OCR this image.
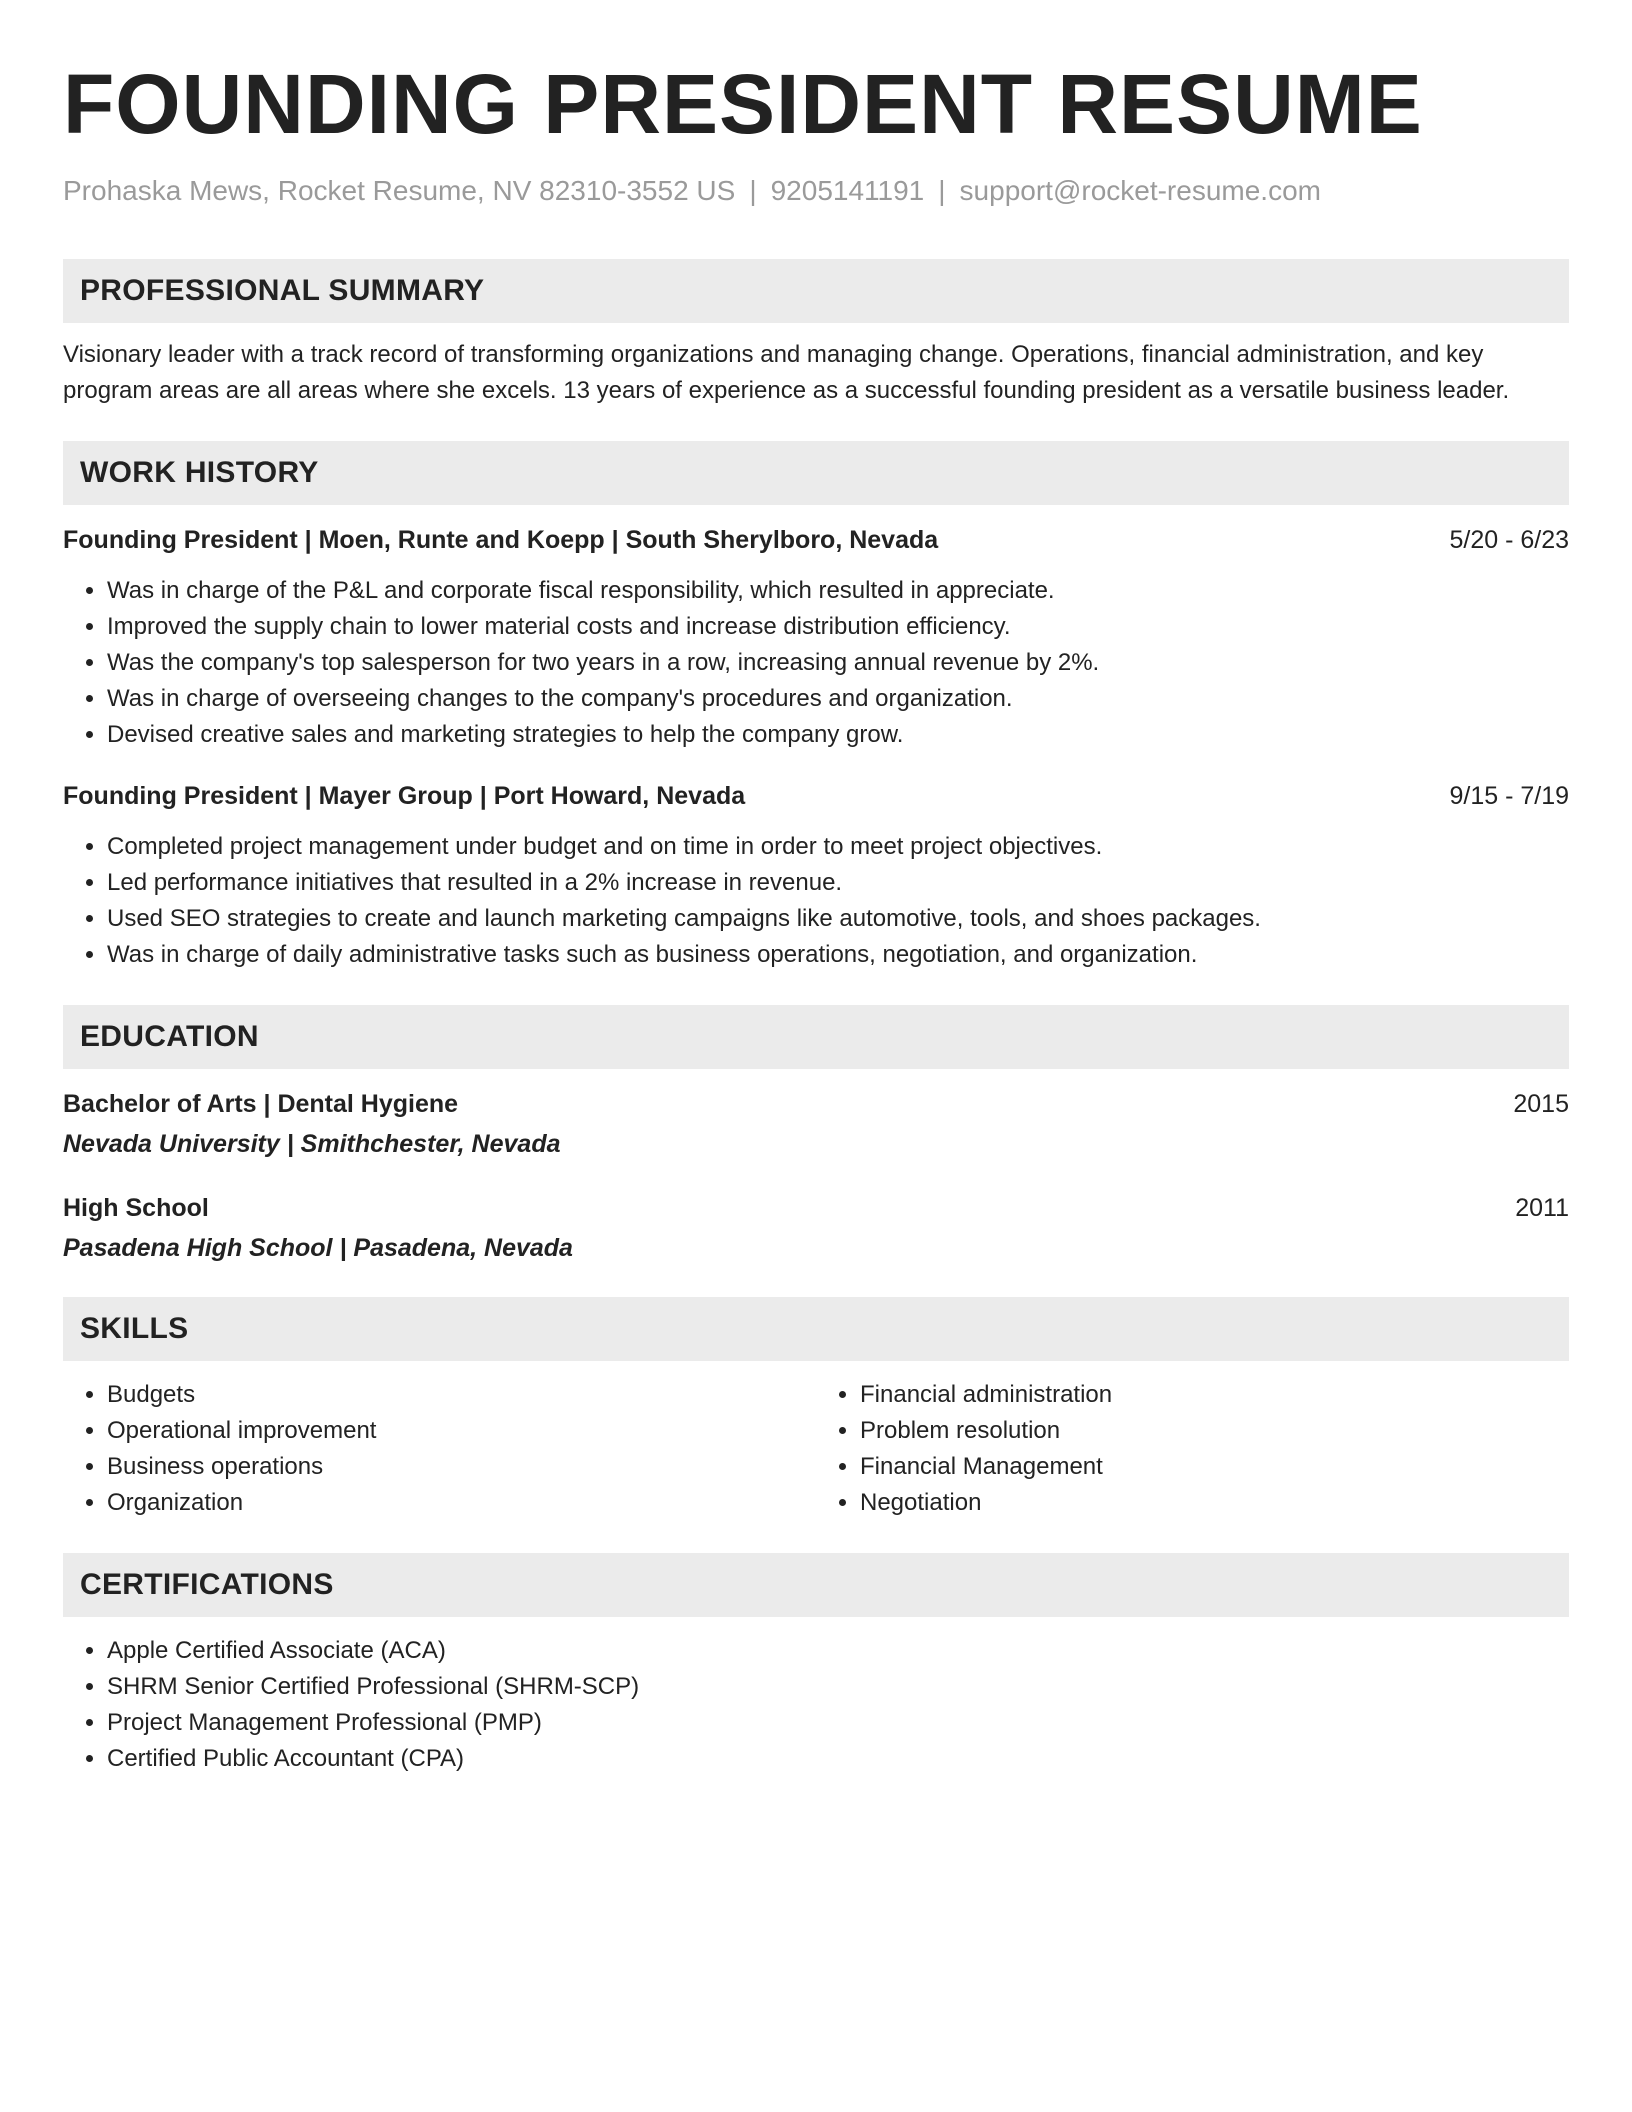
FOUNDING PRESIDENT RESUME
Prohaska Mews, Rocket Resume, NV 82310-3552 US | 9205141191 | support@rocket-resume.com
PROFESSIONAL SUMMARY
Visionary leader with a track record of transforming organizations and managing change. Operations, financial administration, and key program areas are all areas where she excels. 13 years of experience as a successful founding president as a versatile business leader.
WORK HISTORY
Founding President | Moen, Runte and Koepp | South Sherylboro, Nevada	5/20 - 6/23
• Was in charge of the P&L and corporate fiscal responsibility, which resulted in appreciate.
• Improved the supply chain to lower material costs and increase distribution efficiency.
• Was the company's top salesperson for two years in a row, increasing annual revenue by 2%.
• Was in charge of overseeing changes to the company's procedures and organization.
• Devised creative sales and marketing strategies to help the company grow.
Founding President | Mayer Group | Port Howard, Nevada	9/15 - 7/19
• Completed project management under budget and on time in order to meet project objectives.
• Led performance initiatives that resulted in a 2% increase in revenue.
• Used SEO strategies to create and launch marketing campaigns like automotive, tools, and shoes packages.
• Was in charge of daily administrative tasks such as business operations, negotiation, and organization.
EDUCATION
Bachelor of Arts | Dental Hygiene	2015
Nevada University | Smithchester, Nevada
High School	2011
Pasadena High School | Pasadena, Nevada
SKILLS
• Budgets
• Operational improvement
• Business operations
• Organization
• Financial administration
• Problem resolution
• Financial Management
• Negotiation
CERTIFICATIONS
• Apple Certified Associate (ACA)
• SHRM Senior Certified Professional (SHRM-SCP)
• Project Management Professional (PMP)
• Certified Public Accountant (CPA)
